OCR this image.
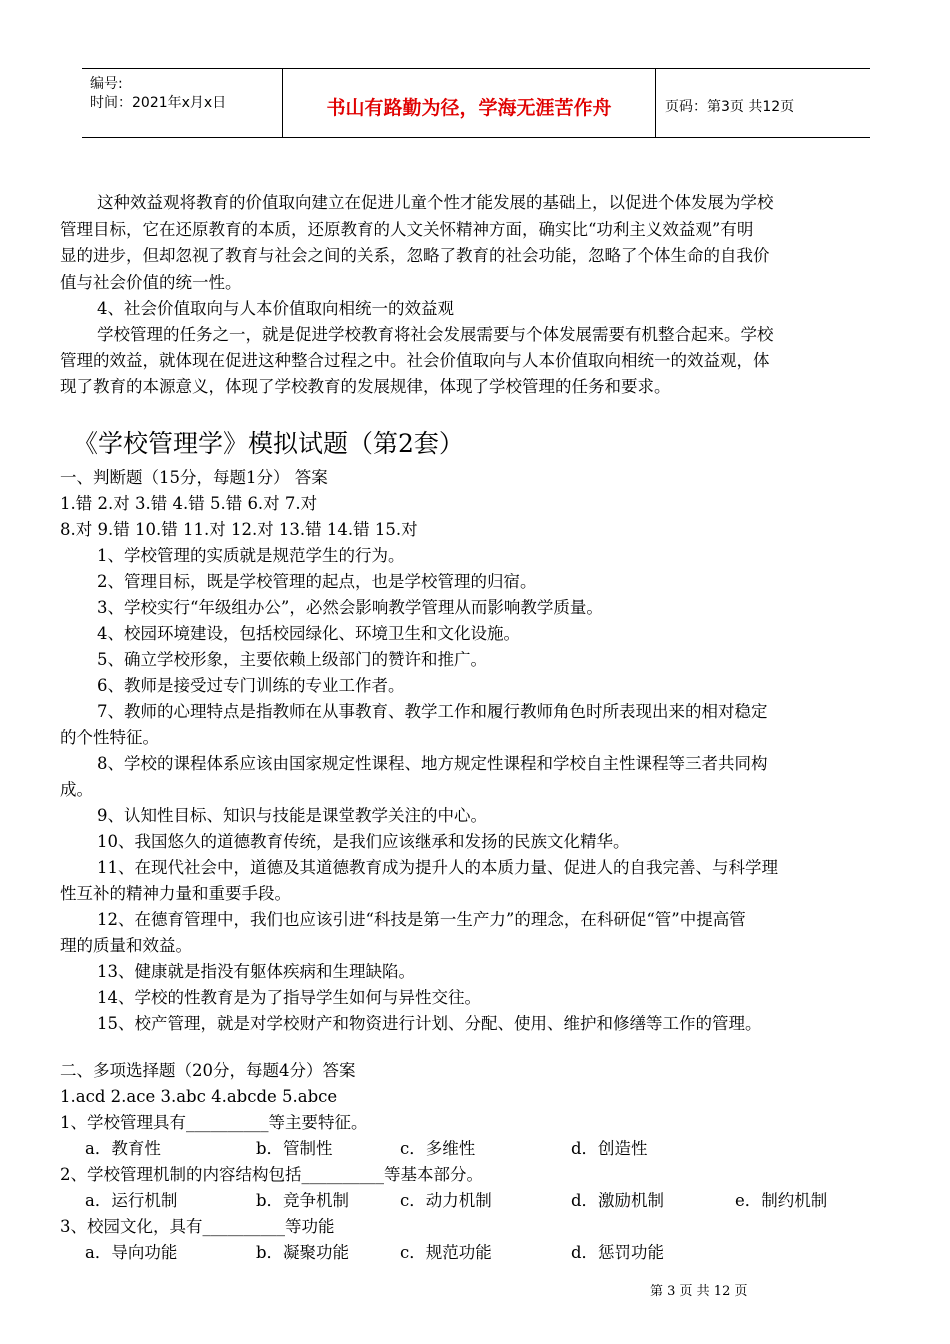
编号:
时间：2021年x月x日	书山有路勤为径，学海无涯苦作舟	页码：第3页 共12页
这种效益观将教育的价值取向建立在促进儿童个性才能发展的基础上，以促进个体发展为学校
管理目标，它在还原教育的本质，还原教育的人文关怀精神方面，确实比“功利主义效益观”有明
显的进步，但却忽视了教育与社会之间的关系，忽略了教育的社会功能，忽略了个体生命的自我价
值与社会价值的统一性。
4、社会价值取向与人本价值取向相统一的效益观
学校管理的任务之一，就是促进学校教育将社会发展需要与个体发展需要有机整合起来。学校
管理的效益，就体现在促进这种整合过程之中。社会价值取向与人本价值取向相统一的效益观，体
现了教育的本源意义，体现了学校教育的发展规律，体现了学校管理的任务和要求。
《学校管理学》模拟试题（第2套）
一、判断题（15分，每题1分） 答案
1.错 2.对 3.错 4.错 5.错 6.对 7.对
8.对 9.错 10.错 11.对 12.对 13.错 14.错 15.对
1、学校管理的实质就是规范学生的行为。
2、管理目标，既是学校管理的起点，也是学校管理的归宿。
3、学校实行“年级组办公”，必然会影响教学管理从而影响教学质量。
4、校园环境建设，包括校园绿化、环境卫生和文化设施。
5、确立学校形象，主要依赖上级部门的赞许和推广。
6、教师是接受过专门训练的专业工作者。
7、教师的心理特点是指教师在从事教育、教学工作和履行教师角色时所表现出来的相对稳定
的个性特征。
8、学校的课程体系应该由国家规定性课程、地方规定性课程和学校自主性课程等三者共同构
成。
9、认知性目标、知识与技能是课堂教学关注的中心。
10、我国悠久的道德教育传统，是我们应该继承和发扬的民族文化精华。
11、在现代社会中，道德及其道德教育成为提升人的本质力量、促进人的自我完善、与科学理
性互补的精神力量和重要手段。
12、在德育管理中，我们也应该引进“科技是第一生产力”的理念，在科研促“管”中提高管
理的质量和效益。
13、健康就是指没有躯体疾病和生理缺陷。
14、学校的性教育是为了指导学生如何与异性交往。
15、校产管理，就是对学校财产和物资进行计划、分配、使用、维护和修缮等工作的管理。
二、多项选择题（20分，每题4分）答案
1.acd 2.ace 3.abc 4.abcde 5.abce
1、学校管理具有__________等主要特征。
a．教育性	b．管制性	c．多维性	d．创造性
2、学校管理机制的内容结构包括__________等基本部分。
a．运行机制	b．竞争机制	c．动力机制	d．激励机制	e．制约机制
3、校园文化，具有__________等功能
a．导向功能	b．凝聚功能	c．规范功能	d．惩罚功能
第 3 页 共 12 页
